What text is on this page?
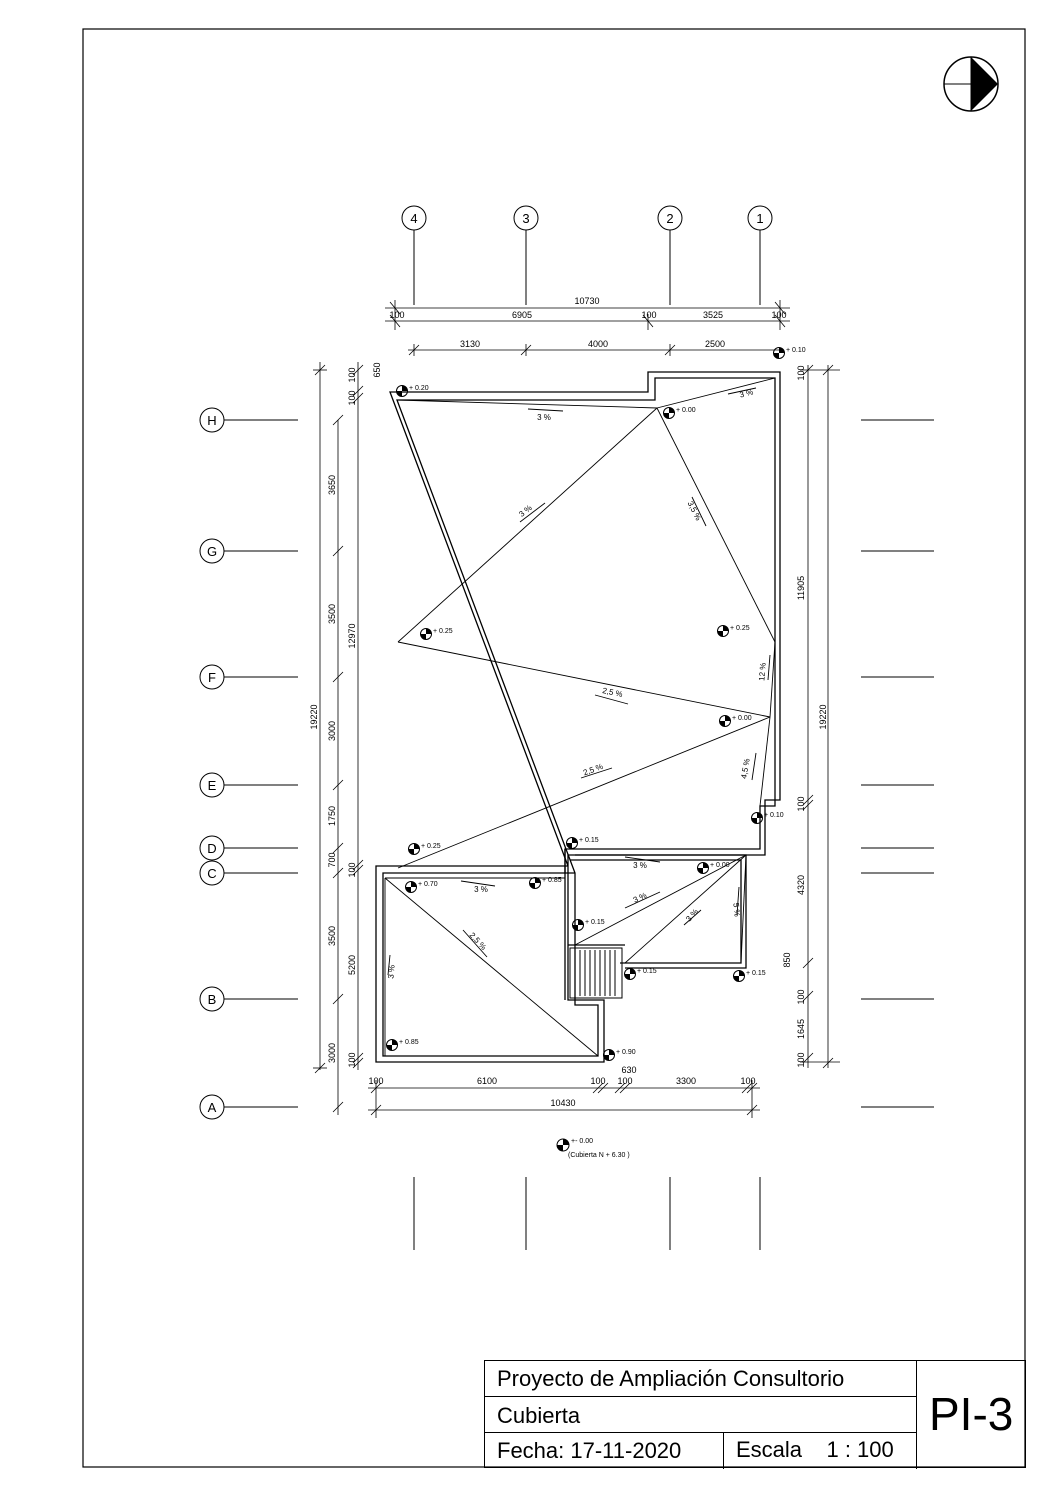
4	3	2	1
H
G
F
E
D
C
B
A
10730
100	6905	100	3525	100
3130	4000	2500
19220
100 650
100
3650
3500
3000
1750
700
100
3500
3000 100
12970
5200
100
11905
100
4320
850
100
1645
100
19220
100	6100	100
630
100	3300	100
10430
3 %
3 %
3 %	3,5 %
2,5 %
12 %
2,5 %	4,5 %
3 %
3 %
3 %
2,5 %
3 %
3 %	5 %
+ 0.20
+ 0.00
+ 0.10
+ 0.25	+ 0.25
+ 0.00
+ 0.10
+ 0.25
+ 0.15
+ 0.70
+ 0.85
+ 0.00
+ 0.15
+ 0.15	+ 0.15
+ 0.85
+ 0.90
+- 0.00
(Cubierta N + 6.30 )
Proyecto de Ampliación Consultorio
Cubierta
Fecha: 17-11-2020	Escala    1 : 100
PI-3
